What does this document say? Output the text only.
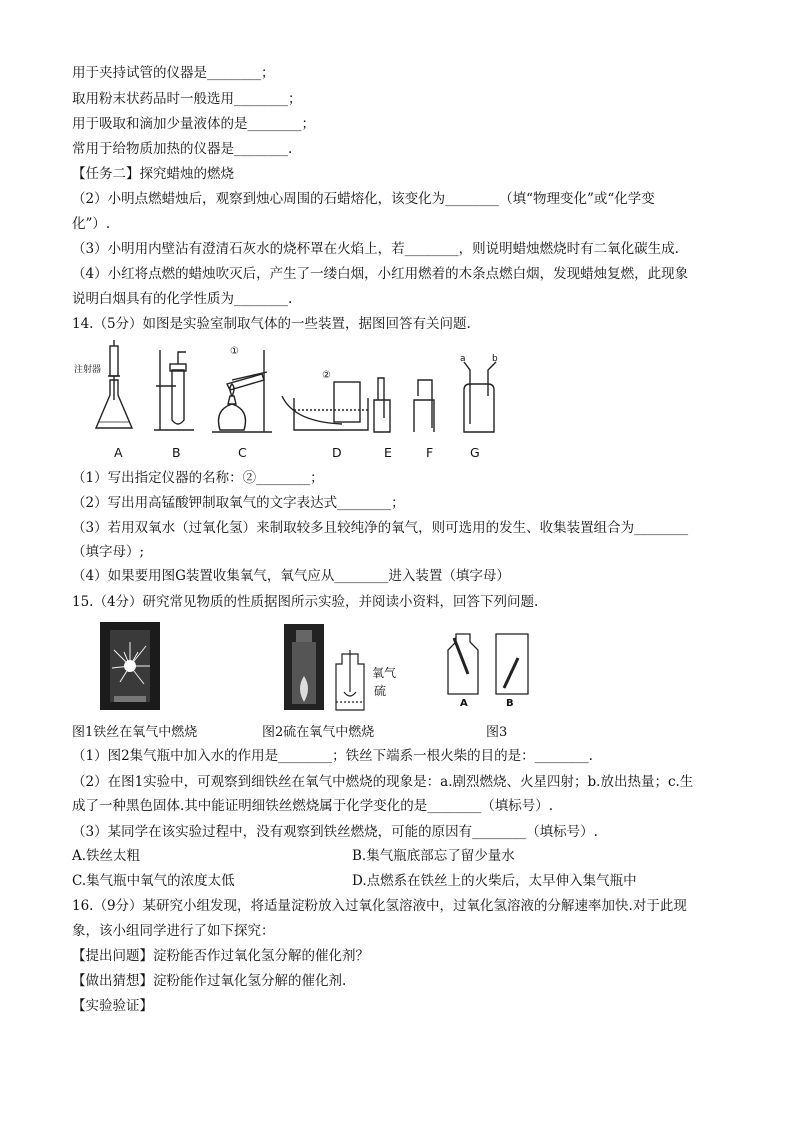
用于夹持试管的仪器是________；
取用粉末状药品时一般选用________；
用于吸取和滴加少量液体的是________；
常用于给物质加热的仪器是________.
【任务二】探究蜡烛的燃烧
（2）小明点燃蜡烛后，观察到烛心周围的石蜡熔化，该变化为________（填“物理变化”或“化学变
化”）.
（3）小明用内壁沾有澄清石灰水的烧杯罩在火焰上，若________，则说明蜡烛燃烧时有二氧化碳生成.
（4）小红将点燃的蜡烛吹灭后，产生了一缕白烟，小红用燃着的木条点燃白烟，发现蜡烛复燃，此现象
说明白烟具有的化学性质为________.
14.（5分）如图是实验室制取气体的一些装置，据图回答有关问题.
注射器
①
②
a	b
A	B	C	D	E	F	G
（1）写出指定仪器的名称：②________；
（2）写出用高锰酸钾制取氧气的文字表达式________；
（3）若用双氧水（过氧化氢）来制取较多且较纯净的氧气，则可选用的发生、收集装置组合为________
（填字母）;
（4）如果要用图G装置收集氧气，氧气应从________进入装置（填字母）
15.（4分）研究常见物质的性质据图所示实验，并阅读小资料，回答下列问题.
氧气
硫
A	B
图1铁丝在氧气中燃烧	图2硫在氧气中燃烧	图3
（1）图2集气瓶中加入水的作用是________；铁丝下端系一根火柴的目的是：________.
（2）在图1实验中，可观察到细铁丝在氧气中燃烧的现象是：a.剧烈燃烧、火星四射；b.放出热量；c.生
成了一种黑色固体.其中能证明细铁丝燃烧属于化学变化的是________（填标号）.
（3）某同学在该实验过程中，没有观察到铁丝燃烧，可能的原因有________（填标号）.
A.铁丝太粗	B.集气瓶底部忘了留少量水
C.集气瓶中氧气的浓度太低	D.点燃系在铁丝上的火柴后，太早伸入集气瓶中
16.（9分）某研究小组发现，将适量淀粉放入过氧化氢溶液中，过氧化氢溶液的分解速率加快.对于此现
象，该小组同学进行了如下探究：
【提出问题】淀粉能否作过氧化氢分解的催化剂？
【做出猜想】淀粉能作过氧化氢分解的催化剂.
【实验验证】
